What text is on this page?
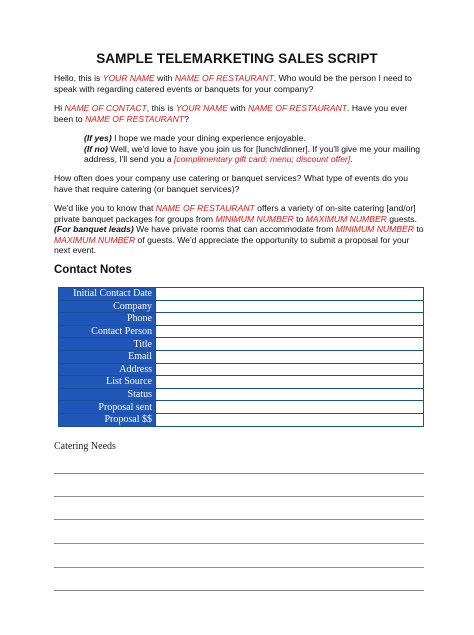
SAMPLE TELEMARKETING SALES SCRIPT
Hello, this is YOUR NAME with NAME OF RESTAURANT. Who would be the person I need to speak with regarding catered events or banquets for your company?
Hi NAME OF CONTACT, this is YOUR NAME with NAME OF RESTAURANT. Have you ever been to NAME OF RESTAURANT?
(If yes) I hope we made your dining experience enjoyable.
(If no) Well, we'd love to have you join us for [lunch/dinner]. If you'll give me your mailing address, I'll send you a [complimentary gift card; menu; discount offer].
How often does your company use catering or banquet services? What type of events do you have that require catering (or banquet services)?
We'd like you to know that NAME OF RESTAURANT offers a variety of on-site catering [and/or] private banquet packages for groups from MINIMUM NUMBER to MAXIMUM NUMBER guests. (For banquet leads) We have private rooms that can accommodate from MINIMUM NUMBER to MAXIMUM NUMBER of guests. We'd appreciate the opportunity to submit a proposal for your next event.
Contact Notes
Initial Contact Date	
Company	
Phone	
Contact Person	
Title	
Email	
Address	
List Source	
Status	
Proposal sent	
Proposal $$	
Catering Needs
